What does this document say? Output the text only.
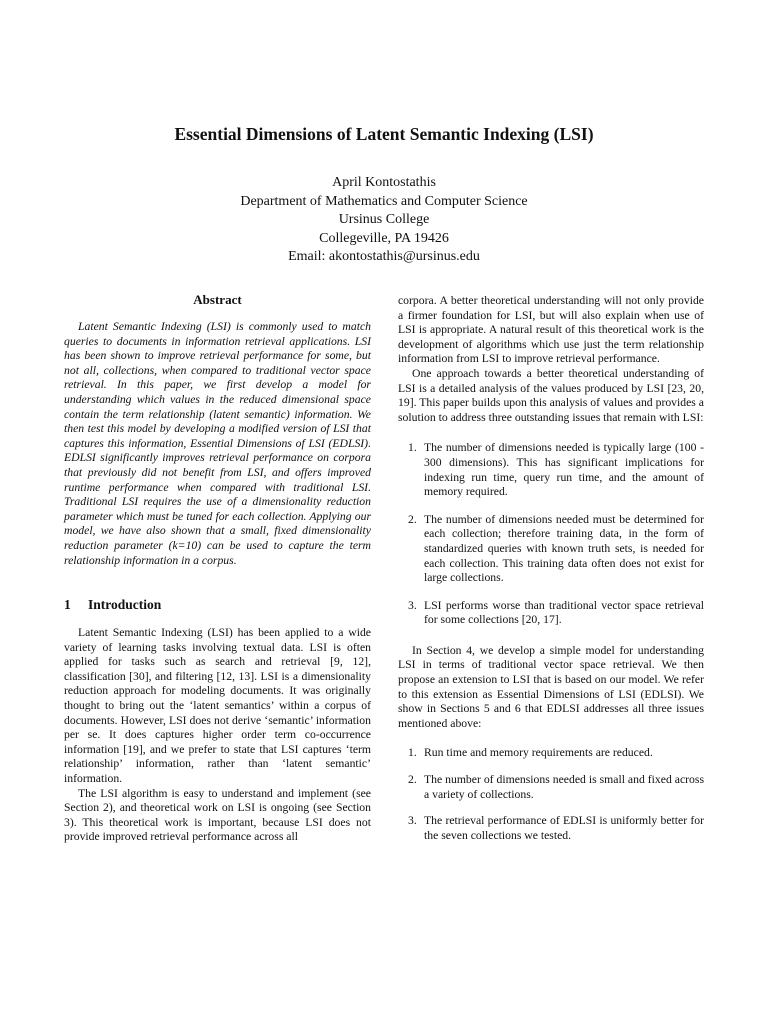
Essential Dimensions of Latent Semantic Indexing (LSI)
April Kontostathis
Department of Mathematics and Computer Science
Ursinus College
Collegeville, PA 19426
Email: akontostathis@ursinus.edu
Abstract

Latent Semantic Indexing (LSI) is commonly used to match queries to documents in information retrieval applications. LSI has been shown to improve retrieval performance for some, but not all, collections, when compared to traditional vector space retrieval. In this paper, we first develop a model for understanding which values in the reduced dimensional space contain the term relationship (latent semantic) information. We then test this model by developing a modified version of LSI that captures this information, Essential Dimensions of LSI (EDLSI). EDLSI significantly improves retrieval performance on corpora that previously did not benefit from LSI, and offers improved runtime performance when compared with traditional LSI. Traditional LSI requires the use of a dimensionality reduction parameter which must be tuned for each collection. Applying our model, we have also shown that a small, fixed dimensionality reduction parameter (k=10) can be used to capture the term relationship information in a corpus.

1 Introduction

Latent Semantic Indexing (LSI) has been applied to a wide variety of learning tasks involving textual data. LSI is often applied for tasks such as search and retrieval [9, 12], classification [30], and filtering [12, 13]. LSI is a dimensionality reduction approach for modeling documents. It was originally thought to bring out the ‘latent semantics’ within a corpus of documents. However, LSI does not derive ‘semantic’ information per se. It does captures higher order term co-occurrence information [19], and we prefer to state that LSI captures ‘term relationship’ information, rather than ‘latent semantic’ information.

The LSI algorithm is easy to understand and implement (see Section 2), and theoretical work on LSI is ongoing (see Section 3). This theoretical work is important, because LSI does not provide improved retrieval performance across all

corpora. A better theoretical understanding will not only provide a firmer foundation for LSI, but will also explain when use of LSI is appropriate. A natural result of this theoretical work is the development of algorithms which use just the term relationship information from LSI to improve retrieval performance.

One approach towards a better theoretical understanding of LSI is a detailed analysis of the values produced by LSI [23, 20, 19]. This paper builds upon this analysis of values and provides a solution to address three outstanding issues that remain with LSI:

1. The number of dimensions needed is typically large (100 - 300 dimensions). This has significant implications for indexing run time, query run time, and the amount of memory required.
2. The number of dimensions needed must be determined for each collection; therefore training data, in the form of standardized queries with known truth sets, is needed for each collection. This training data often does not exist for large collections.
3. LSI performs worse than traditional vector space retrieval for some collections [20, 17].

In Section 4, we develop a simple model for understanding LSI in terms of traditional vector space retrieval. We then propose an extension to LSI that is based on our model. We refer to this extension as Essential Dimensions of LSI (EDLSI). We show in Sections 5 and 6 that EDLSI addresses all three issues mentioned above:

1. Run time and memory requirements are reduced.
2. The number of dimensions needed is small and fixed across a variety of collections.
3. The retrieval performance of EDLSI is uniformly better for the seven collections we tested.
